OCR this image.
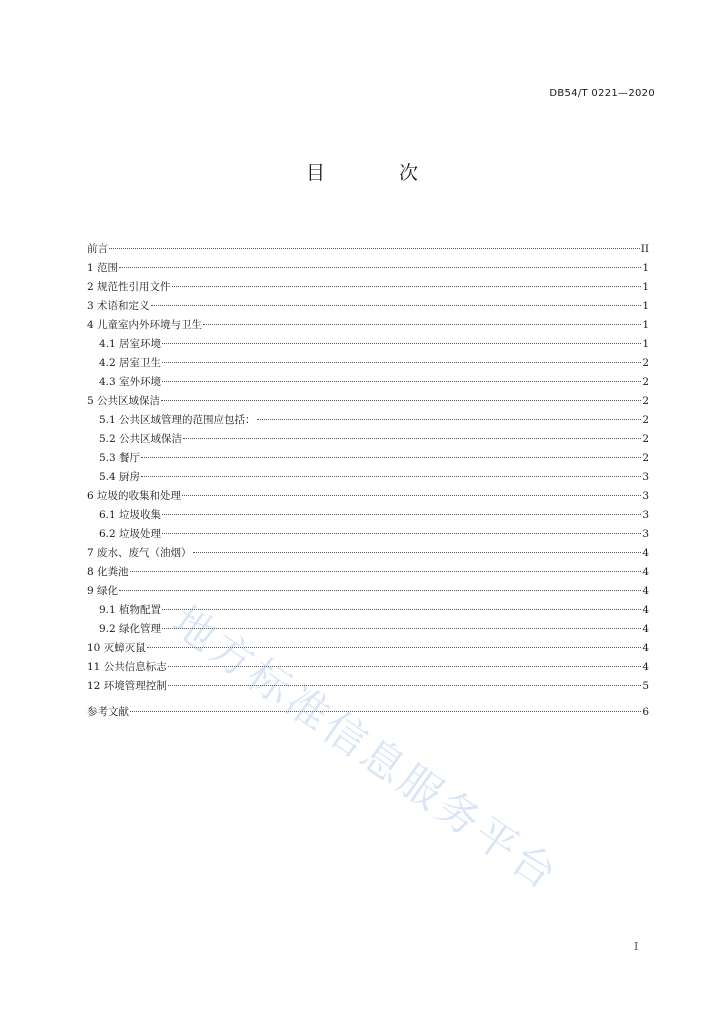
DB54/T 0221—2020
目 次
前言	II
1 范围	1
2 规范性引用文件	1
3 术语和定义	1
4 儿童室内外环境与卫生	1
4.1 居室环境	1
4.2 居室卫生	2
4.3 室外环境	2
5 公共区域保洁	2
5.1 公共区域管理的范围应包括：	2
5.2 公共区域保洁	2
5.3 餐厅	2
5.4 厨房	3
6 垃圾的收集和处理	3
6.1 垃圾收集	3
6.2 垃圾处理	3
7 废水、废气（油烟）	4
8 化粪池	4
9 绿化	4
9.1 植物配置	4
9.2 绿化管理	4
10 灭蟑灭鼠	4
11 公共信息标志	4
12 环境管理控制	5
参考文献	6
地方标准信息服务平台
I
